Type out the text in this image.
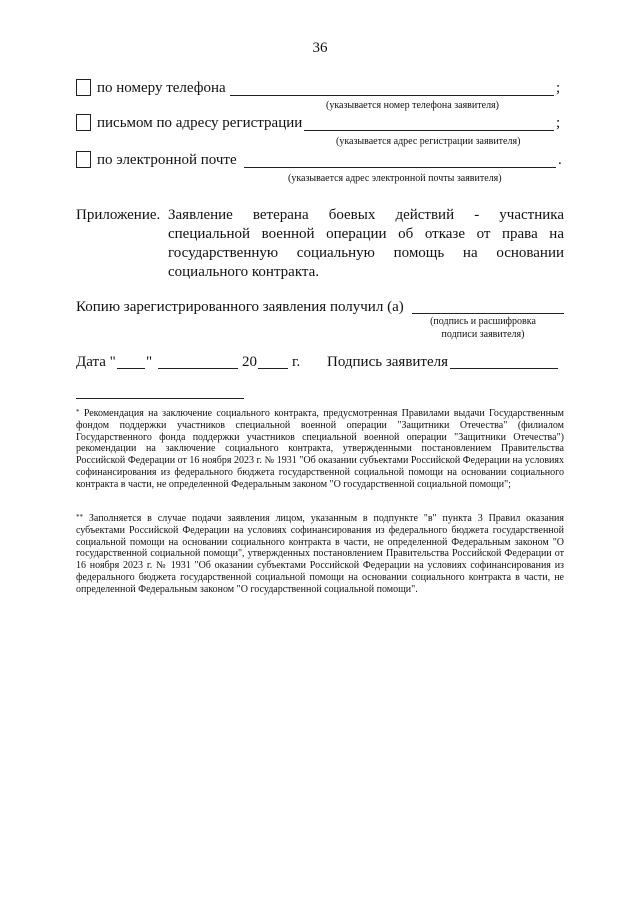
36
по номеру телефона	;
(указывается номер телефона заявителя)
письмом по адресу регистрации	;
(указывается адрес регистрации заявителя)
по электронной почте	.
(указывается адрес электронной почты заявителя)
Приложение. Заявление ветерана боевых действий - участника специальной военной операции об отказе от права на государственную социальную помощь на основании социального контракта.
Копию зарегистрированного заявления получил (а)
(подпись и расшифровка подписи заявителя)
Дата " "	20 г. Подпись заявителя
* Рекомендация на заключение социального контракта, предусмотренная Правилами выдачи Государственным фондом поддержки участников специальной военной операции "Защитники Отечества" (филиалом Государственного фонда поддержки участников специальной военной операции "Защитники Отечества") рекомендации на заключение социального контракта, утвержденными постановлением Правительства Российской Федерации от 16 ноября 2023 г. № 1931 "Об оказании субъектами Российской Федерации на условиях софинансирования из федерального бюджета государственной социальной помощи на основании социального контракта в части, не определенной Федеральным законом "О государственной социальной помощи";
** Заполняется в случае подачи заявления лицом, указанным в подпункте "в" пункта 3 Правил оказания субъектами Российской Федерации на условиях софинансирования из федерального бюджета государственной социальной помощи на основании социального контракта в части, не определенной Федеральным законом "О государственной социальной помощи", утвержденных постановлением Правительства Российской Федерации от 16 ноября 2023 г. № 1931 "Об оказании субъектами Российской Федерации на условиях софинансирования из федерального бюджета государственной социальной помощи на основании социального контракта в части, не определенной Федеральным законом "О государственной социальной помощи".
